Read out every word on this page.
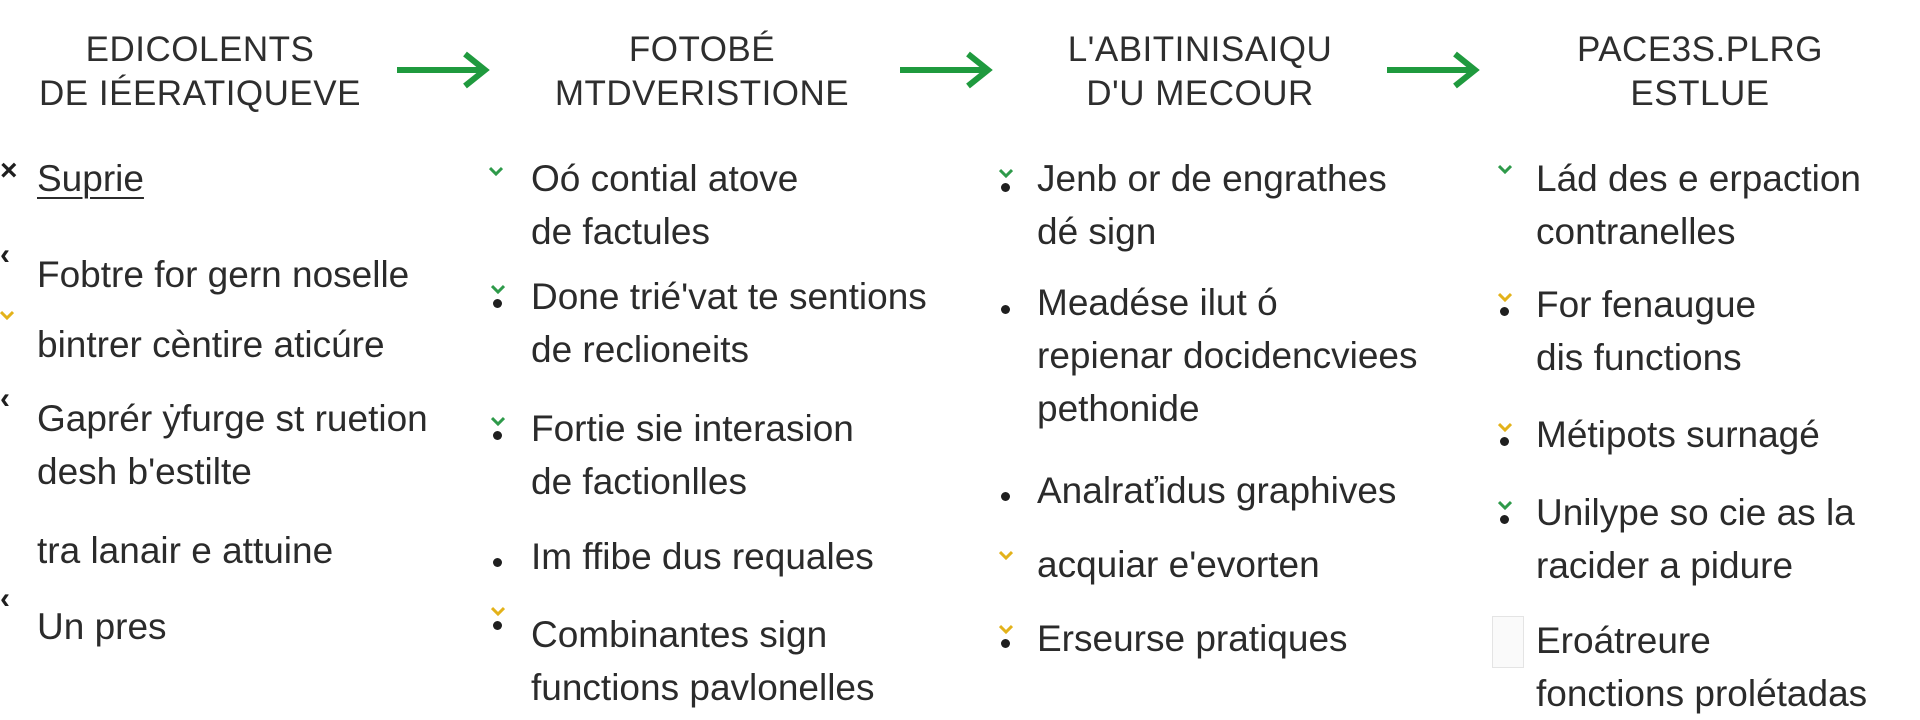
EDICOLENTS
DE IÉERATIQUEVE
FOTOBÉ
MTDVERISTIONE
L'ABITINISAIQU
D'U MECOUR
PACE3S.PLRG
ESTLUE
× Suprie
‹ Fobtre for gern noselle
bintrer cèntire aticúre
‹ Gaprér ẏfurge st ruetion
desh b'estilte
tra lanair e attuine
‹
Un pres
Oó contial atove
de factules
Done trié'vat te sentions
de reclioneits
Fortie sie interasion
de factionlles
Im ffibe dus requales
Combinantes sign
functions pavlonelles
Jenb or de engrathes
dé sign
Meadése ilut ó
repienar docidencviees
pethonide
Analraťidus graphives
acquiar e'evorten
Erseurse pratiques
Lád des e erpaction
contranelles
For fenaugue
dis functions
Métipots surnagé
Unilype so cie as la
racider a pidure
Eroátreure
fonctions prolétadas
